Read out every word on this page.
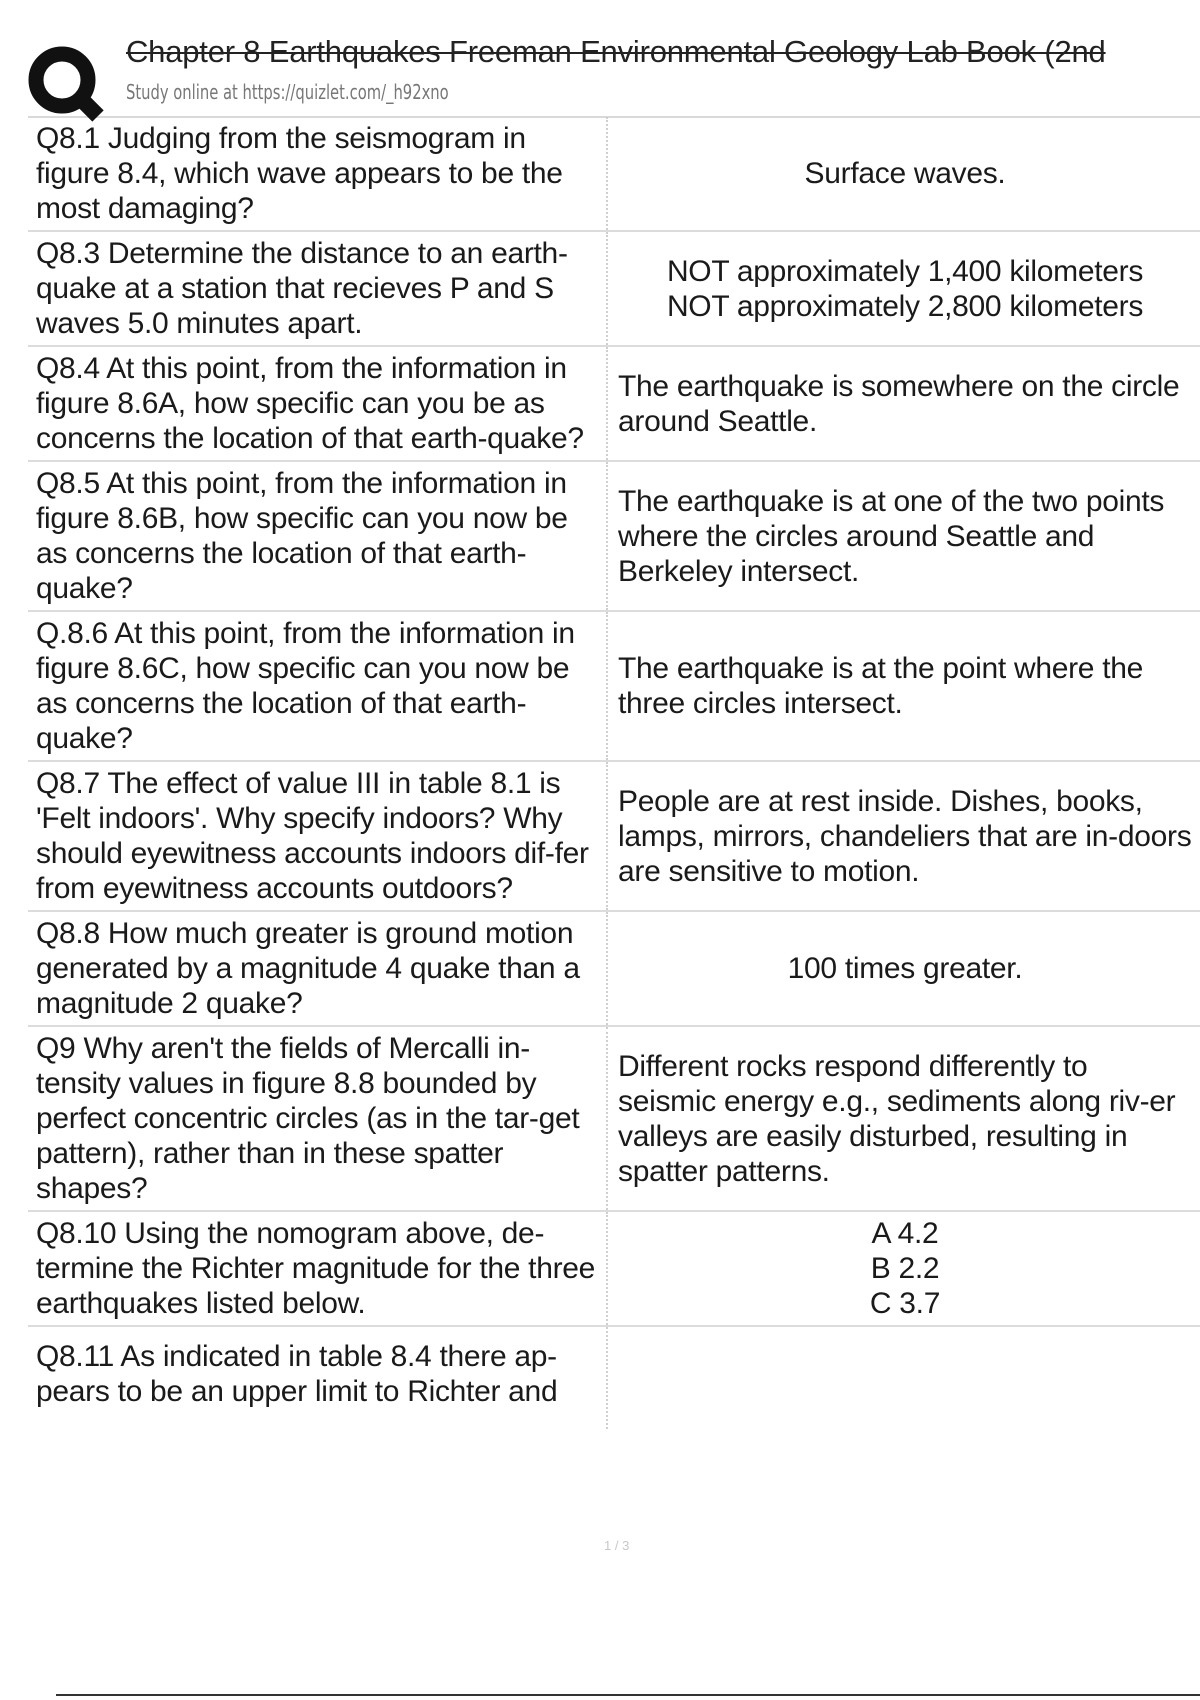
Chapter 8 Earthquakes Freeman Environmental Geology Lab Book (2nd
Study online at https://quizlet.com/_h92xno
Q8.1 Judging from the seismogram in figure 8.4, which wave appears to be the most damaging?
Surface waves.
Q8.3 Determine the distance to an earth-quake at a station that recieves P and S waves 5.0 minutes apart.
NOT approximately 1,400 kilometers
NOT approximately 2,800 kilometers
Q8.4 At this point, from the information in figure 8.6A, how specific can you be as concerns the location of that earth-quake?
The earthquake is somewhere on the circle around Seattle.
Q8.5 At this point, from the information in figure 8.6B, how specific can you now be as concerns the location of that earth-quake?
The earthquake is at one of the two points where the circles around Seattle and Berkeley intersect.
Q.8.6 At this point, from the information in figure 8.6C, how specific can you now be as concerns the location of that earth-quake?
The earthquake is at the point where the three circles intersect.
Q8.7 The effect of value III in table 8.1 is 'Felt indoors'. Why specify indoors? Why should eyewitness accounts indoors dif-fer from eyewitness accounts outdoors?
People are at rest inside. Dishes, books, lamps, mirrors, chandeliers that are in-doors are sensitive to motion.
Q8.8 How much greater is ground motion generated by a magnitude 4 quake than a magnitude 2 quake?
100 times greater.
Q9 Why aren't the fields of Mercalli in-tensity values in figure 8.8 bounded by perfect concentric circles (as in the tar-get pattern), rather than in these spatter shapes?
Different rocks respond differently to seismic energy e.g., sediments along riv-er valleys are easily disturbed, resulting in spatter patterns.
Q8.10 Using the nomogram above, de-termine the Richter magnitude for the three earthquakes listed below.
A 4.2
B 2.2
C 3.7
Q8.11 As indicated in table 8.4 there ap-pears to be an upper limit to Richter and
1 / 3
